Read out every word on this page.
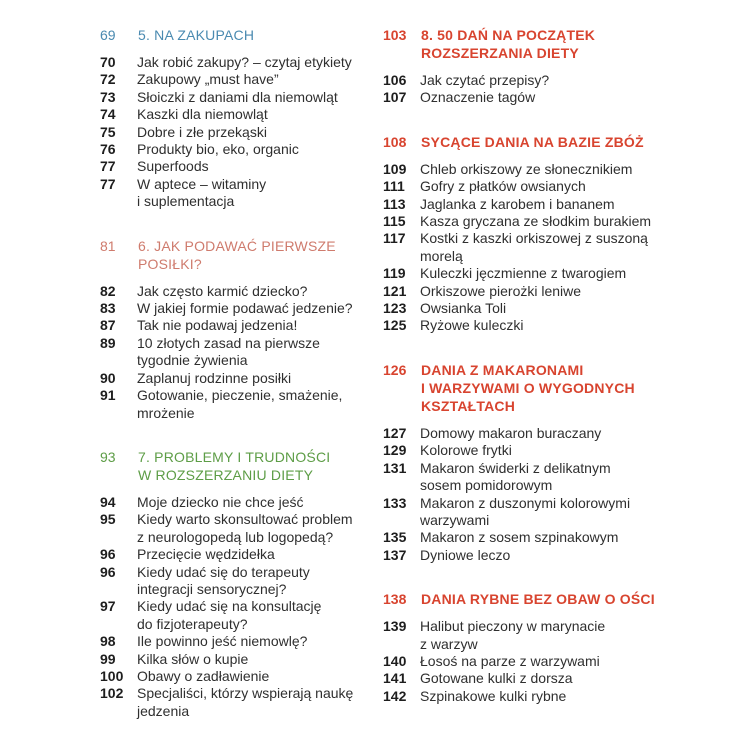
69	5. NA ZAKUPACH
70	Jak robić zakupy? – czytaj etykiety
72	Zakupowy „must have”
73	Słoiczki z daniami dla niemowląt
74	Kaszki dla niemowląt
75	Dobre i złe przekąski
76	Produkty bio, eko, organic
77	Superfoods
77	W aptece – witaminy
i suplementacja
81	6. JAK PODAWAĆ PIERWSZE
POSIŁKI?
82	Jak często karmić dziecko?
83	W jakiej formie podawać jedzenie?
87	Tak nie podawaj jedzenia!
89	10 złotych zasad na pierwsze
tygodnie żywienia
90	Zaplanuj rodzinne posiłki
91	Gotowanie, pieczenie, smażenie,
mrożenie
93	7. PROBLEMY I TRUDNOŚCI
W ROZSZERZANIU DIETY
94	Moje dziecko nie chce jeść
95	Kiedy warto skonsultować problem
z neurologopedą lub logopedą?
96	Przecięcie wędzidełka
96	Kiedy udać się do terapeuty
integracji sensorycznej?
97	Kiedy udać się na konsultację
do fizjoterapeuty?
98	Ile powinno jeść niemowlę?
99	Kilka słów o kupie
100 Obawy o zadławienie
102 Specjaliści, którzy wspierają naukę
jedzenia
103	8. 50 DAŃ NA POCZĄTEK
ROZSZERZANIA DIETY
106 Jak czytać przepisy?
107 Oznaczenie tagów
108	SYCĄCE DANIA NA BAZIE ZBÓŻ
109 Chleb orkiszowy ze słonecznikiem
111	Gofry z płatków owsianych
113	Jaglanka z karobem i bananem
115	Kasza gryczana ze słodkim burakiem
117	Kostki z kaszki orkiszowej z suszoną
morelą
119	Kuleczki jęczmienne z twarogiem
121 Orkiszowe pierożki leniwe
123 Owsianka Toli
125 Ryżowe kuleczki
126	DANIA Z MAKARONAMI
I WARZYWAMI O WYGODNYCH
KSZTAŁTACH
127 Domowy makaron buraczany
129 Kolorowe frytki
131 Makaron świderki z delikatnym
sosem pomidorowym
133 Makaron z duszonymi kolorowymi
warzywami
135 Makaron z sosem szpinakowym
137 Dyniowe leczo
138	DANIA RYBNE BEZ OBAW O OŚCI
139 Halibut pieczony w marynacie
z warzyw
140 Łosoś na parze z warzywami
141 Gotowane kulki z dorsza
142 Szpinakowe kulki rybne
